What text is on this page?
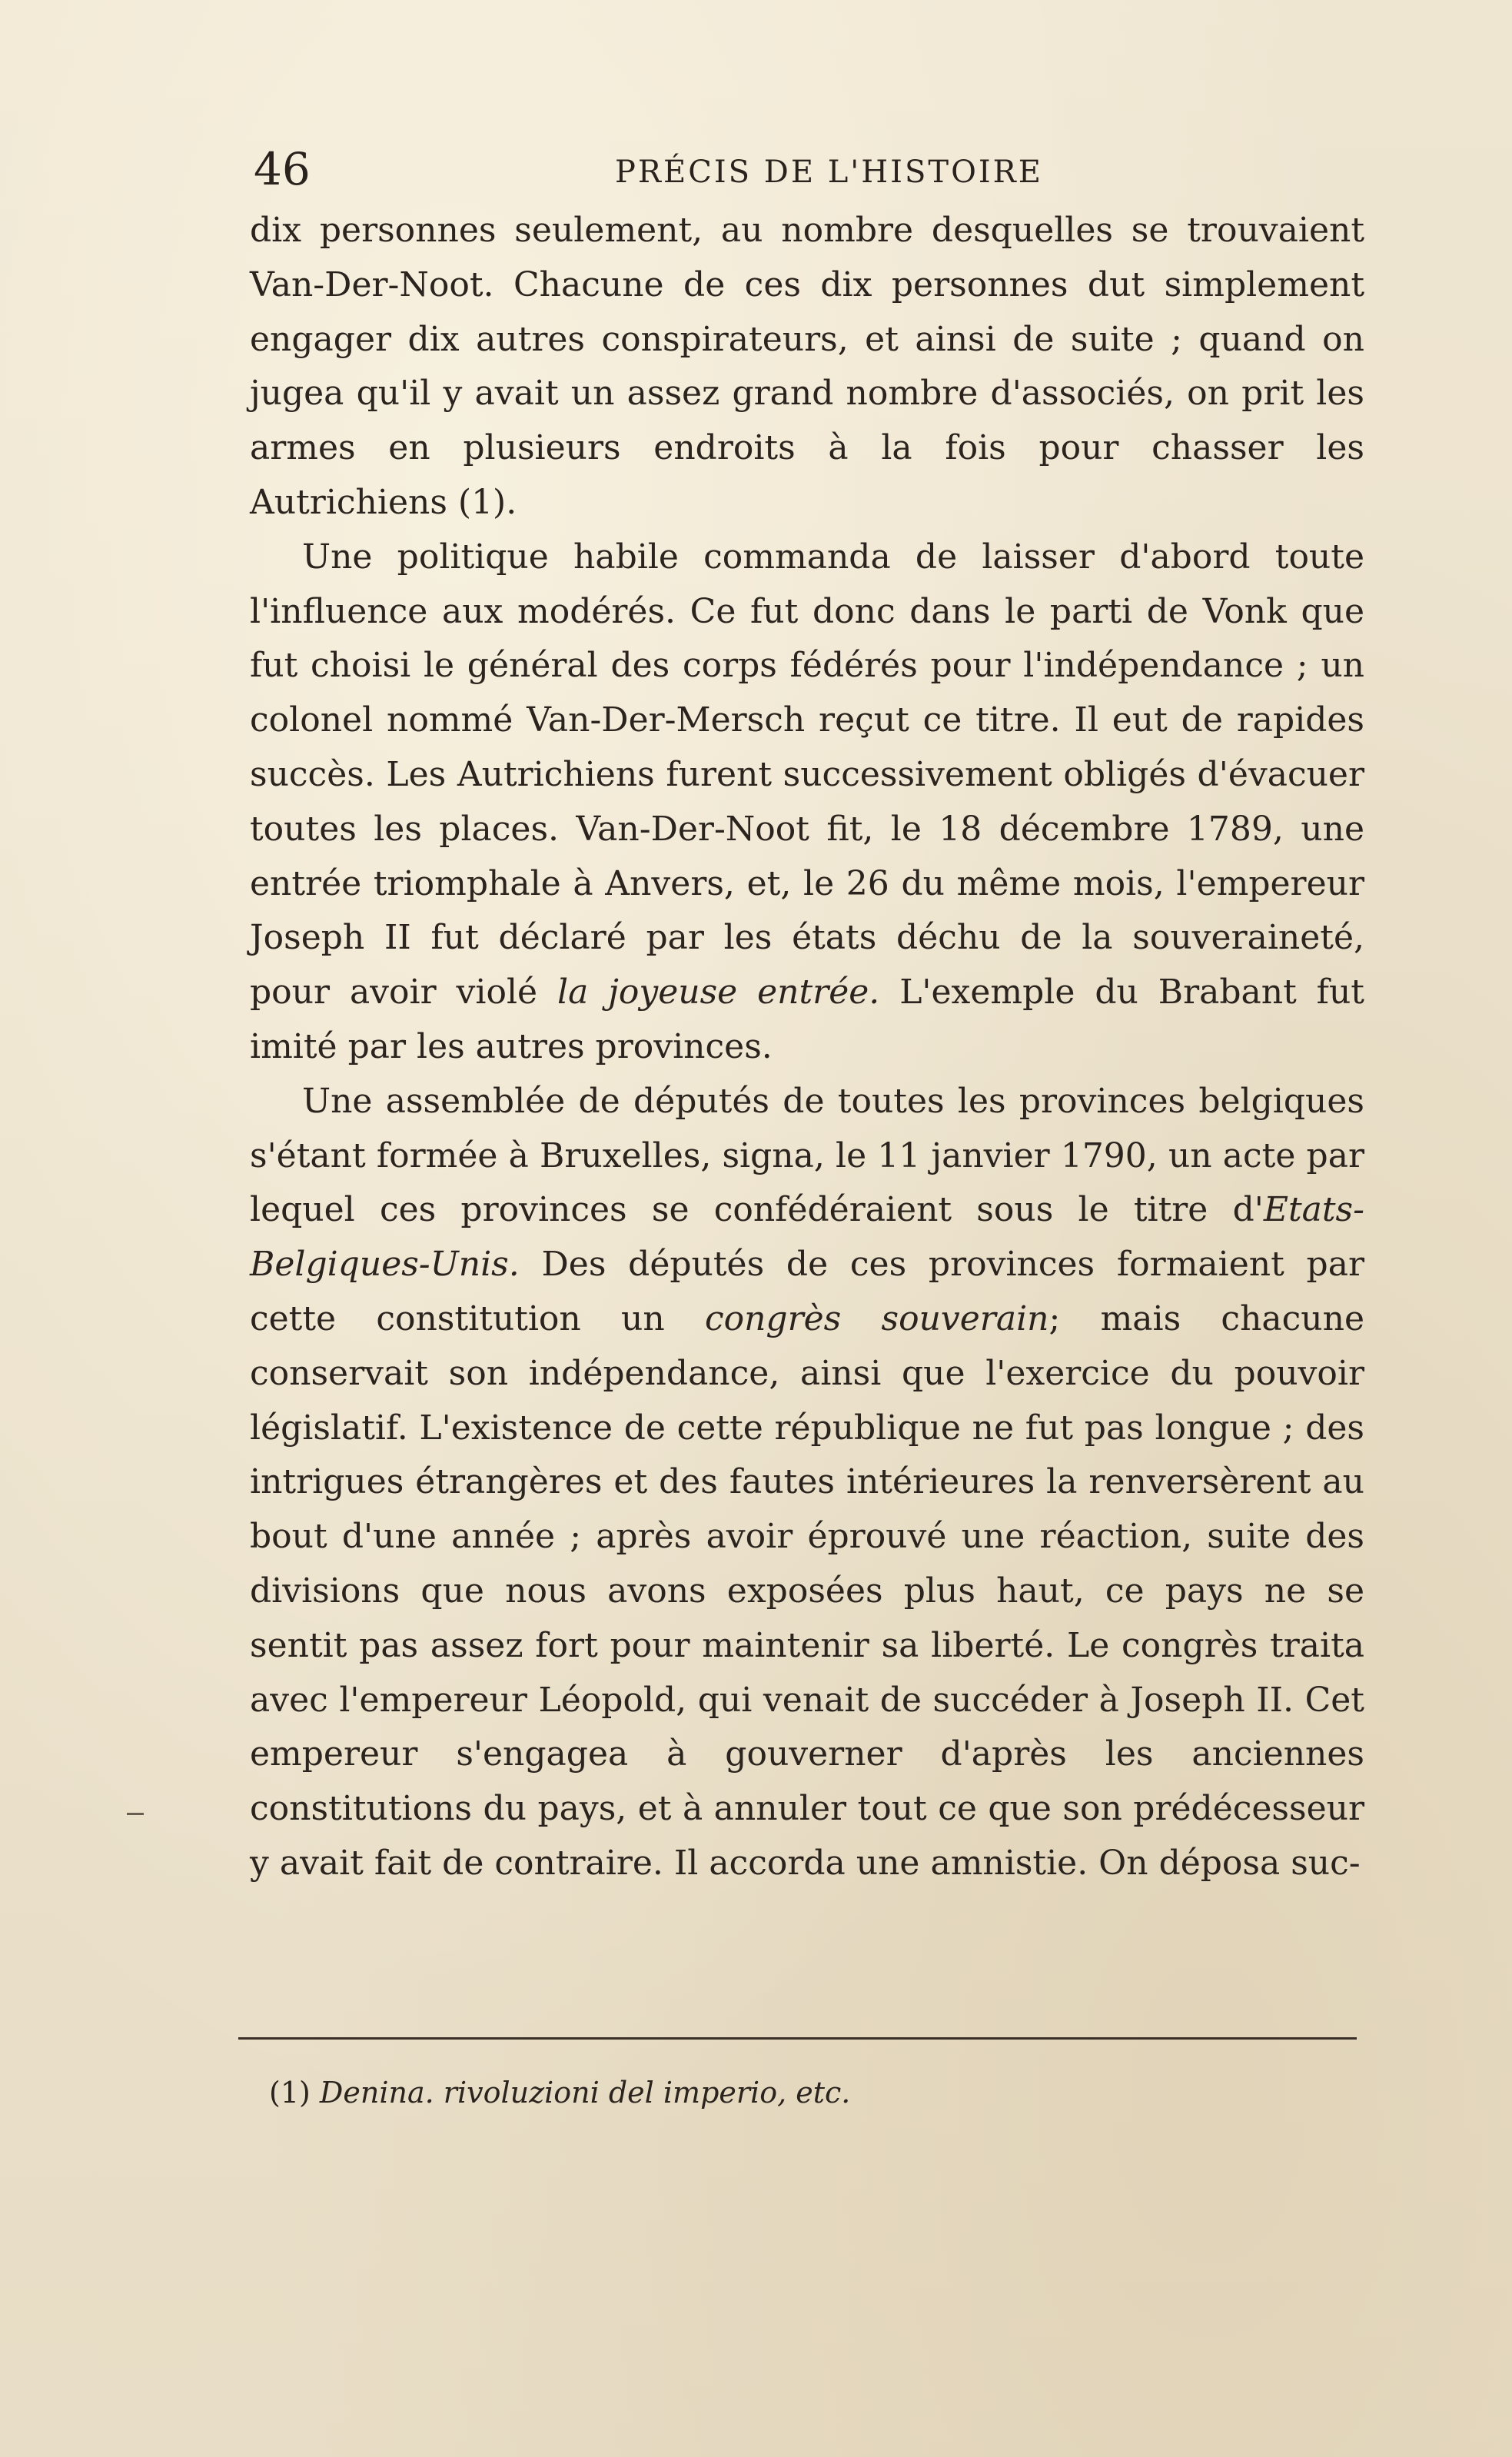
46	PRÉCIS DE L'HISTOIRE

dix personnes seulement, au nombre desquelles se trouvaient Van-Der-Noot. Chacune de ces dix personnes dut simplement engager dix autres conspirateurs, et ainsi de suite ; quand on jugea qu'il y avait un assez grand nombre d'associés, on prit les armes en plusieurs endroits à la fois pour chasser les Autrichiens (1).

Une politique habile commanda de laisser d'abord toute l'influence aux modérés. Ce fut donc dans le parti de Vonk que fut choisi le général des corps fédérés pour l'indépendance ; un colonel nommé Van-Der-Mersch reçut ce titre. Il eut de rapides succès. Les Autrichiens furent successivement obligés d'évacuer toutes les places. Van-Der-Noot fit, le 18 décembre 1789, une entrée triomphale à Anvers, et, le 26 du même mois, l'empereur Joseph II fut déclaré par les états déchu de la souveraineté, pour avoir violé la joyeuse entrée. L'exemple du Brabant fut imité par les autres provinces.

Une assemblée de députés de toutes les provinces belgiques s'étant formée à Bruxelles, signa, le 11 janvier 1790, un acte par lequel ces provinces se confédéraient sous le titre d'Etats-Belgiques-Unis. Des députés de ces provinces formaient par cette constitution un congrès souverain; mais chacune conservait son indépendance, ainsi que l'exercice du pouvoir législatif. L'existence de cette république ne fut pas longue ; des intrigues étrangères et des fautes intérieures la renversèrent au bout d'une année ; après avoir éprouvé une réaction, suite des divisions que nous avons exposées plus haut, ce pays ne se sentit pas assez fort pour maintenir sa liberté. Le congrès traita avec l'empereur Léopold, qui venait de succéder à Joseph II. Cet empereur s'engagea à gouverner d'après les anciennes constitutions du pays, et à annuler tout ce que son prédécesseur y avait fait de contraire. Il accorda une amnistie. On déposa suc-

(1) Denina. rivoluzioni del imperio, etc.
